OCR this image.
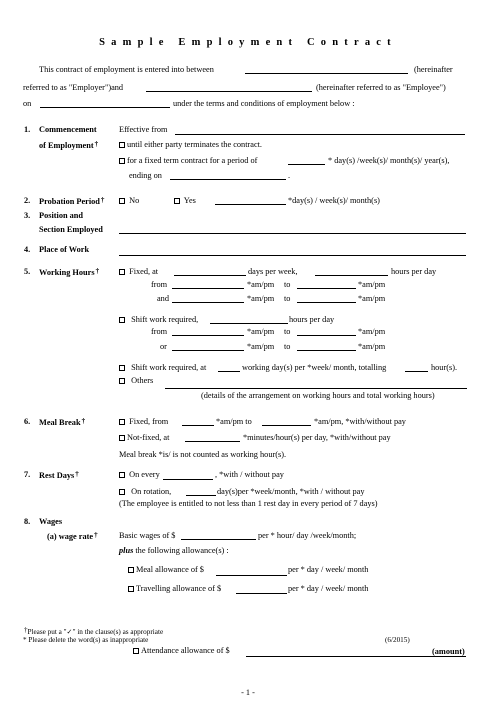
Sample Employment Contract
This contract of employment is entered into between	(hereinafter
referred to as "Employer")and	(hereinafter referred to as "Employee")
on	under the terms and conditions of employment below :
1. Commencement
of Employment†
Effective from
until either party terminates the contract.
for a fixed term contract for a period of	* day(s) /week(s)/ month(s)/ year(s),
ending on	.
2. Probation Period†	No	Yes	*day(s) / week(s)/ month(s)
3. Position and
Section Employed
4. Place of Work
5. Working Hours†	Fixed, at	days per week,	hours per day
from	*am/pm to	*am/pm
and	*am/pm to	*am/pm
Shift work required,	hours per day
from	*am/pm to	*am/pm
or	*am/pm to	*am/pm
Shift work required, at	working day(s) per *week/ month, totalling	hour(s).
Others
(details of the arrangement on working hours and total working hours)
6. Meal Break†	Fixed, from	*am/pm to	*am/pm, *with/without pay
Not-fixed, at	*minutes/hour(s) per day, *with/without pay
Meal break *is/ is not counted as working hour(s).
7. Rest Days†	On every	, *with / without pay
On rotation,	day(s)per *week/month, *with / without pay
(The employee is entitled to not less than 1 rest day in every period of 7 days)
8. Wages
(a) wage rate†	Basic wages of $	per * hour/ day /week/month;
plus the following allowance(s) :
Meal allowance of $	per * day / week/ month
Travelling allowance of $	per * day / week/ month
†Please put a "✓" in the clause(s) as appropriate
* Please delete the word(s) as inappropriate	(6/2015)
Attendance allowance of $	(amount)
- 1 -
